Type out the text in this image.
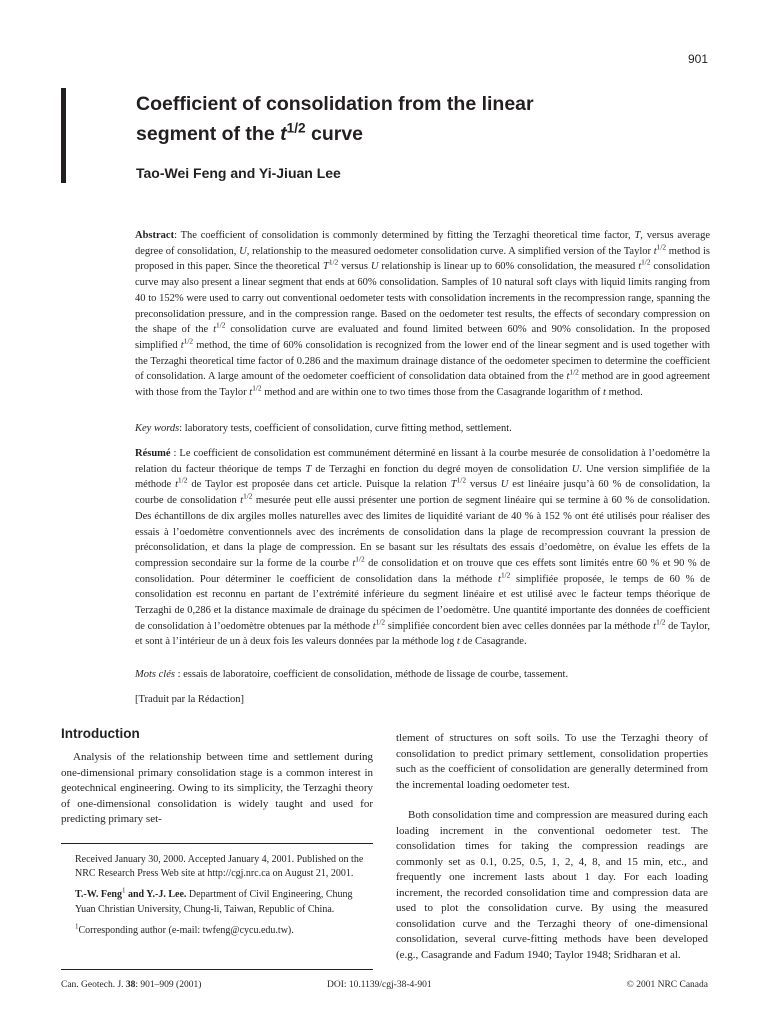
901
Coefficient of consolidation from the linear
segment of the $t^{1/2}$ curve
Tao-Wei Feng and Yi-Jiuan Lee
Abstract: The coefficient of consolidation is commonly determined by fitting the Terzaghi theoretical time factor, T, versus average degree of consolidation, U, relationship to the measured oedometer consolidation curve. A simplified version of the Taylor $t^{1/2}$ method is proposed in this paper. Since the theoretical $T^{1/2}$ versus U relationship is linear up to 60% consolidation, the measured $t^{1/2}$ consolidation curve may also present a linear segment that ends at 60% consolidation. Samples of 10 natural soft clays with liquid limits ranging from 40 to 152% were used to carry out conventional oedometer tests with consolidation increments in the recompression range, spanning the preconsolidation pressure, and in the compression range. Based on the oedometer test results, the effects of secondary compression on the shape of the $t^{1/2}$ consolidation curve are evaluated and found limited between 60% and 90% consolidation. In the proposed simplified $t^{1/2}$ method, the time of 60% consolidation is recognized from the lower end of the linear segment and is used together with the Terzaghi theoretical time factor of 0.286 and the maximum drainage distance of the oedometer specimen to determine the coefficient of consolidation. A large amount of the oedometer coefficient of consolidation data obtained from the $t^{1/2}$ method are in good agreement with those from the Taylor $t^{1/2}$ method and are within one to two times those from the Casagrande logarithm of t method.
Key words: laboratory tests, coefficient of consolidation, curve fitting method, settlement.
Résumé : Le coefficient de consolidation est communément déterminé en lissant à la courbe mesurée de consolidation à l’oedomètre la relation du facteur théorique de temps T de Terzaghi en fonction du degré moyen de consolidation U. Une version simplifiée de la méthode $t^{1/2}$ de Taylor est proposée dans cet article. Puisque la relation $T^{1/2}$ versus U est linéaire jusqu’à 60 % de consolidation, la courbe de consolidation $t^{1/2}$ mesurée peut elle aussi présenter une portion de segment linéaire qui se termine à 60 % de consolidation. Des échantillons de dix argiles molles naturelles avec des limites de liquidité variant de 40 % à 152 % ont été utilisés pour réaliser des essais à l’oedomètre conventionnels avec des incréments de consolidation dans la plage de recompression couvrant la pression de préconsolidation, et dans la plage de compression. En se basant sur les résultats des essais d’oedomètre, on évalue les effets de la compression secondaire sur la forme de la courbe $t^{1/2}$ de consolidation et on trouve que ces effets sont limités entre 60 % et 90 % de consolidation. Pour déterminer le coefficient de consolidation dans la méthode $t^{1/2}$ simplifiée proposée, le temps de 60 % de consolidation est reconnu en partant de l’extrémité inférieure du segment linéaire et est utilisé avec le facteur temps théorique de Terzaghi de 0,286 et la distance maximale de drainage du spécimen de l’oedomètre. Une quantité importante des données de coefficient de consolidation à l’oedomètre obtenues par la méthode $t^{1/2}$ simplifiée concordent bien avec celles données par la méthode $t^{1/2}$ de Taylor, et sont à l’intérieur de un à deux fois les valeurs données par la méthode log t de Casagrande.
Mots clés : essais de laboratoire, coefficient de consolidation, méthode de lissage de courbe, tassement.
[Traduit par la Rédaction]
Introduction
Analysis of the relationship between time and settlement during one-dimensional primary consolidation stage is a common interest in geotechnical engineering. Owing to its simplicity, the Terzaghi theory of one-dimensional consolidation is widely taught and used for predicting primary set-

tlement of structures on soft soils. To use the Terzaghi theory of consolidation to predict primary settlement, consolidation properties such as the coefficient of consolidation are generally determined from the incremental loading oedometer test.

Both consolidation time and compression are measured during each loading increment in the conventional oedometer test. The consolidation times for taking the compression readings are commonly set as 0.1, 0.25, 0.5, 1, 2, 4, 8, and 15 min, etc., and frequently one increment lasts about 1 day. For each loading increment, the recorded consolidation time and compression data are used to plot the consolidation curve. By using the measured consolidation curve and the Terzaghi theory of one-dimensional consolidation, several curve-fitting methods have been developed (e.g., Casagrande and Fadum 1940; Taylor 1948; Sridharan et al.

Received January 30, 2000. Accepted January 4, 2001. Published on the NRC Research Press Web site at http://cgj.nrc.ca on August 21, 2001.

T.-W. Feng$^1$ and Y.-J. Lee. Department of Civil Engineering, Chung Yuan Christian University, Chung-li, Taiwan, Republic of China.

$^1$Corresponding author (e-mail: twfeng@cycu.edu.tw).

Can. Geotech. J. 38: 901–909 (2001)	DOI: 10.1139/cgj-38-4-901	© 2001 NRC Canada
